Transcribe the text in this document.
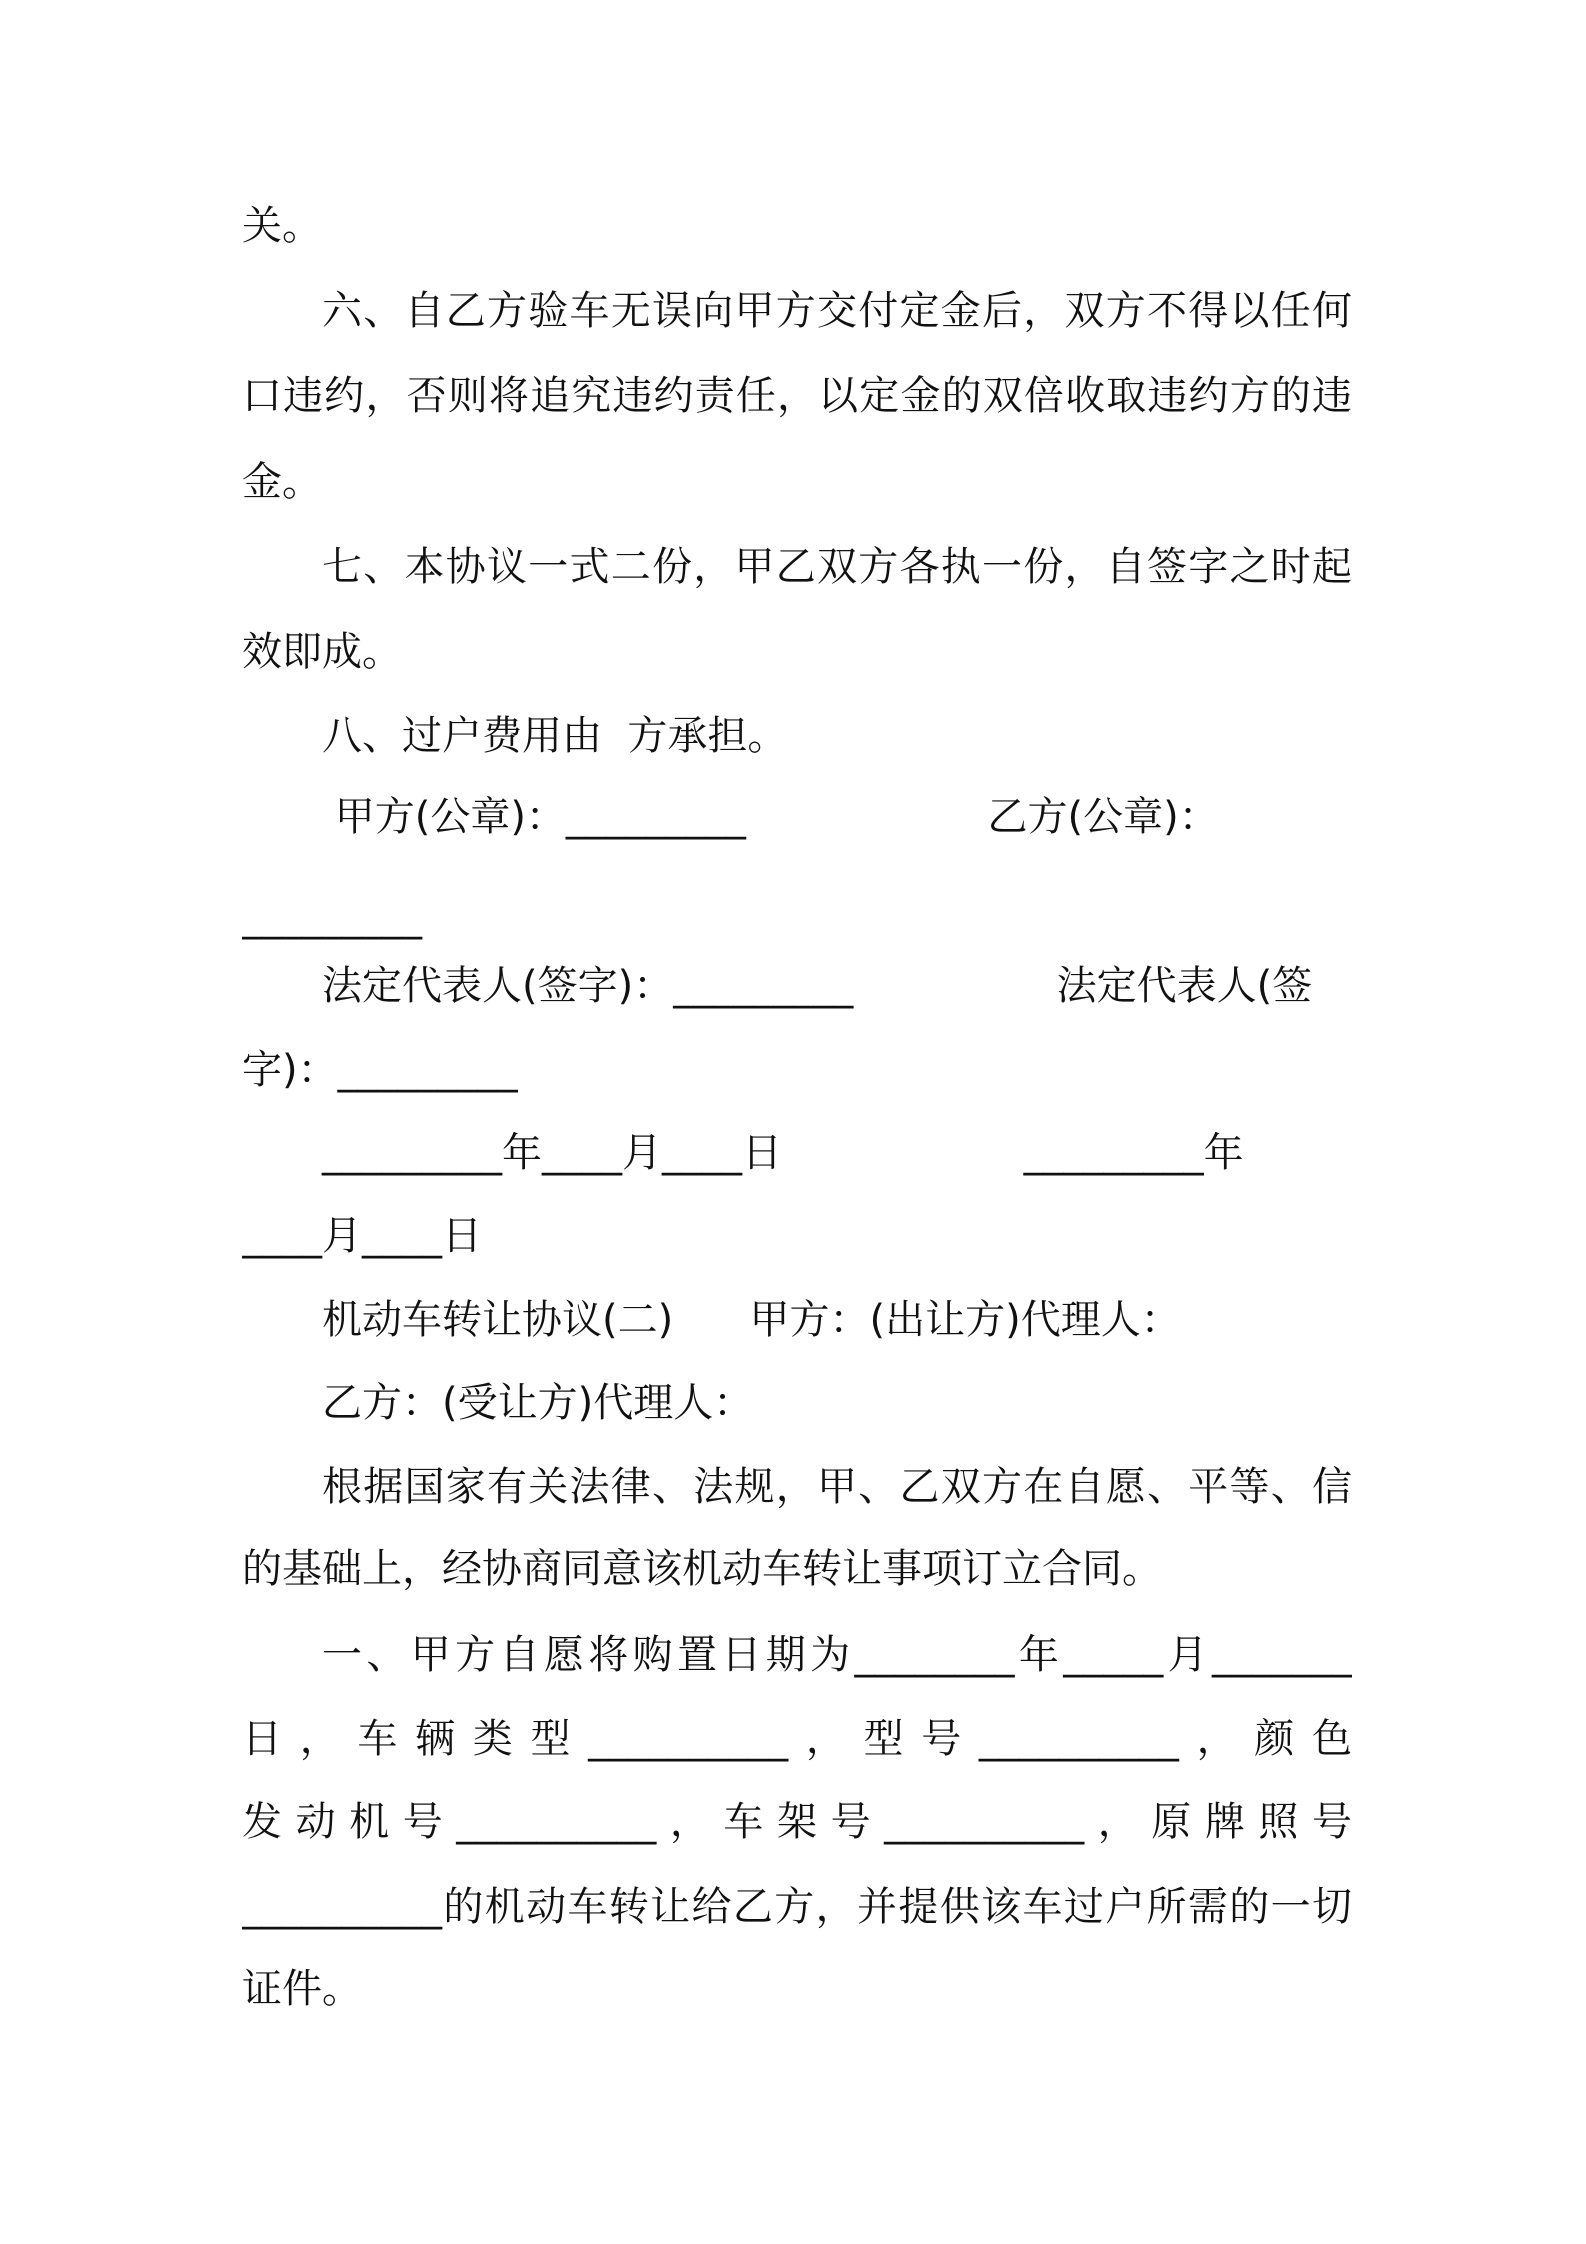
关。
六、自乙方验车无误向甲方交付定金后，双方不得以任何
口违约，否则将追究违约责任，以定金的双倍收取违约方的违
金。
七、本协议一式二份，甲乙双方各执一份，自签字之时起
效即成。
八、过户费用由  方承担。
甲方(公章)：_________                   乙方(公章)：
_________
法定代表人(签字)：_________                法定代表人(签
字)：_________
_________年____月____日                   _________年
____月____日
机动车转让协议(二)      甲方：(出让方)代理人：
乙方：(受让方)代理人：
根据国家有关法律、法规，甲、乙双方在自愿、平等、信
的基础上，经协商同意该机动车转让事项订立合同。
一、甲方自愿将购置日期为________年_____月_______
日，车辆类型__________，型号__________，颜色
发动机号__________，车架号__________，原牌照号
__________的机动车转让给乙方，并提供该车过户所需的一切
证件。
